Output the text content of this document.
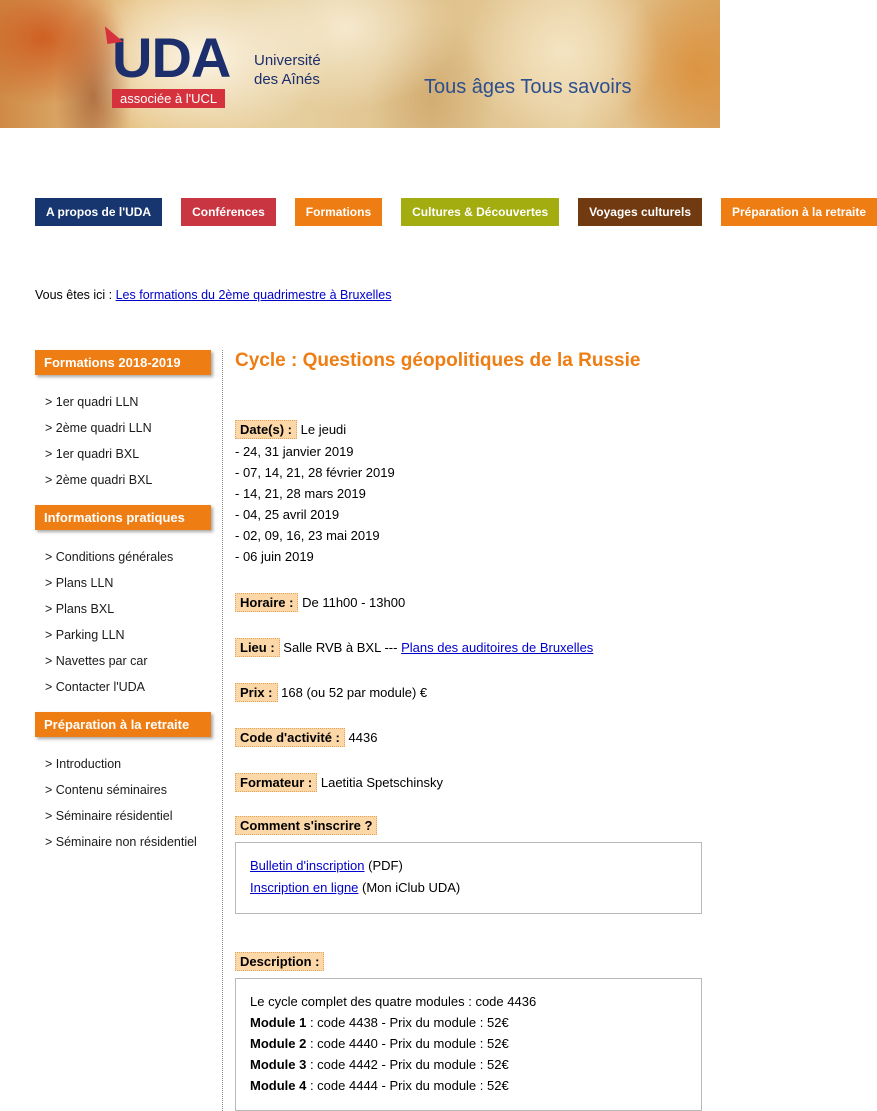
UDA
associée à l'UCL
Université
des Aînés	Tous âges Tous savoirs
A propos de l'UDA	Conférences	Formations	Cultures & Découvertes	Voyages culturels	Préparation à la retraite
Vous êtes ici : Les formations du 2ème quadrimestre à Bruxelles
Formations 2018-2019
> 1er quadri LLN
> 2ème quadri LLN
> 1er quadri BXL
> 2ème quadri BXL
Informations pratiques
> Conditions générales
> Plans LLN
> Plans BXL
> Parking LLN
> Navettes par car
> Contacter l'UDA
Préparation à la retraite
> Introduction
> Contenu séminaires
> Séminaire résidentiel
> Séminaire non résidentiel
Cycle : Questions géopolitiques de la Russie
Date(s) : Le jeudi
- 24, 31 janvier 2019
- 07, 14, 21, 28 février 2019
- 14, 21, 28 mars 2019
- 04, 25 avril 2019
- 02, 09, 16, 23 mai 2019
- 06 juin 2019
Horaire : De 11h00 - 13h00
Lieu : Salle RVB à BXL --- Plans des auditoires de Bruxelles
Prix : 168 (ou 52 par module) €
Code d'activité : 4436
Formateur : Laetitia Spetschinsky
Comment s'inscrire ?
Bulletin d'inscription (PDF)
Inscription en ligne (Mon iClub UDA)
Description :
Le cycle complet des quatre modules : code 4436
Module 1 : code 4438 - Prix du module : 52€
Module 2 : code 4440 - Prix du module : 52€
Module 3 : code 4442 - Prix du module : 52€
Module 4 : code 4444 - Prix du module : 52€
